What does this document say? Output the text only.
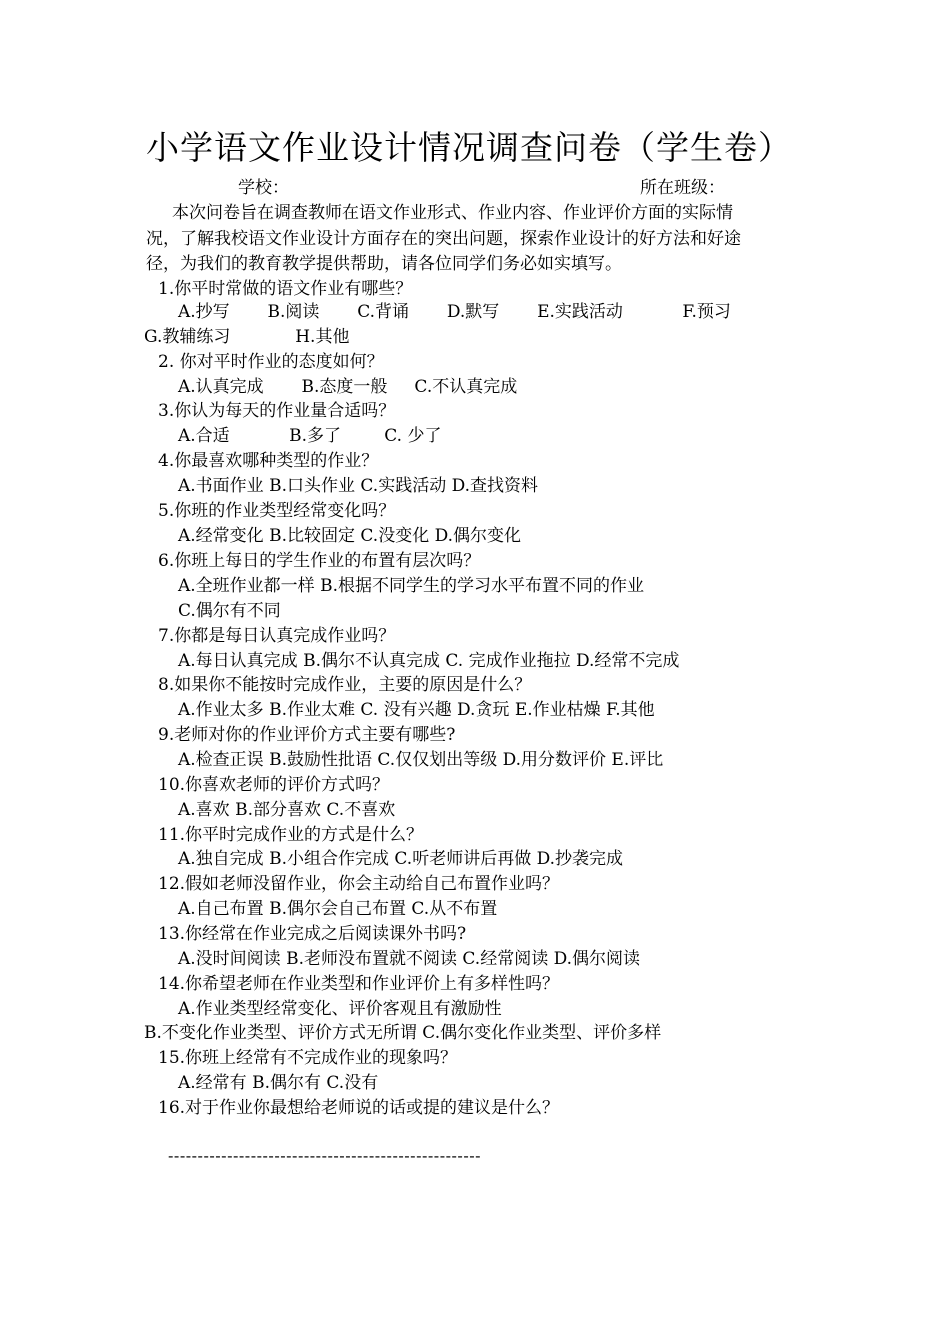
小学语文作业设计情况调查问卷（学生卷）
学校：	所在班级：
本次问卷旨在调查教师在语文作业形式、作业内容、作业评价方面的实际情
况，了解我校语文作业设计方面存在的突出问题，探索作业设计的好方法和好途
径，为我们的教育教学提供帮助，请各位同学们务必如实填写。
1.你平时常做的语文作业有哪些？
A.抄写       B.阅读       C.背诵       D.默写       E.实践活动           F.预习
G.教辅练习            H.其他
2. 你对平时作业的态度如何？
A.认真完成       B.态度一般     C.不认真完成
3.你认为每天的作业量合适吗？
A.合适           B.多了        C. 少了
4.你最喜欢哪种类型的作业？
A.书面作业 B.口头作业 C.实践活动 D.查找资料
5.你班的作业类型经常变化吗？
A.经常变化 B.比较固定 C.没变化 D.偶尔变化
6.你班上每日的学生作业的布置有层次吗？
A.全班作业都一样 B.根据不同学生的学习水平布置不同的作业
C.偶尔有不同
7.你都是每日认真完成作业吗？
A.每日认真完成 B.偶尔不认真完成 C. 完成作业拖拉 D.经常不完成
8.如果你不能按时完成作业，主要的原因是什么？
A.作业太多 B.作业太难 C. 没有兴趣 D.贪玩 E.作业枯燥 F.其他
9.老师对你的作业评价方式主要有哪些?
A.检查正误 B.鼓励性批语 C.仅仅划出等级 D.用分数评价 E.评比
10.你喜欢老师的评价方式吗？
A.喜欢 B.部分喜欢 C.不喜欢
11.你平时完成作业的方式是什么？
A.独自完成 B.小组合作完成 C.听老师讲后再做 D.抄袭完成
12.假如老师没留作业，你会主动给自己布置作业吗？
A.自己布置 B.偶尔会自己布置 C.从不布置
13.你经常在作业完成之后阅读课外书吗?
A.没时间阅读 B.老师没布置就不阅读 C.经常阅读 D.偶尔阅读
14.你希望老师在作业类型和作业评价上有多样性吗？
A.作业类型经常变化、评价客观且有激励性
B.不变化作业类型、评价方式无所谓 C.偶尔变化作业类型、评价多样
15.你班上经常有不完成作业的现象吗？
A.经常有 B.偶尔有 C.没有
16.对于作业你最想给老师说的话或提的建议是什么？
-----------------------------------------------------
